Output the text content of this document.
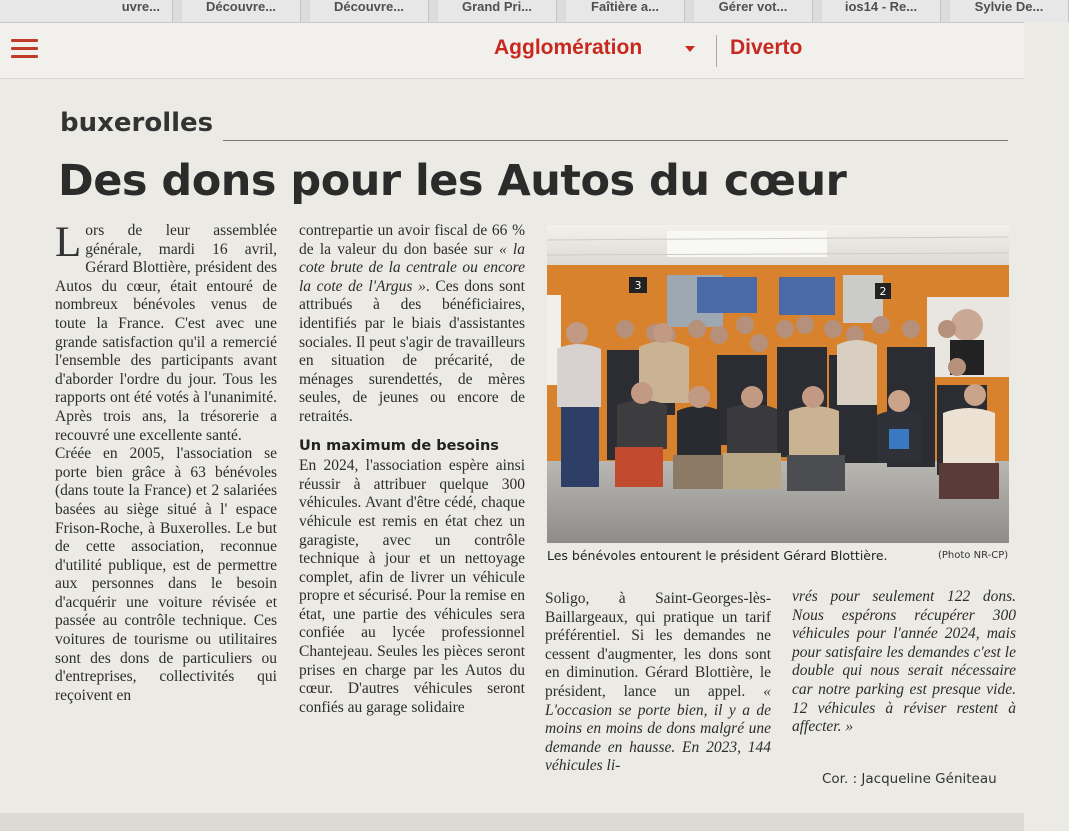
uvre...	Découvre...	Découvre...	Grand Pri...	Faîtière a...	Gérer vot...	ios14 - Re...	Sylvie De...
Agglomération	Diverto
buxerolles
Des dons pour les Autos du cœur

Lors de leur assemblée générale, mardi 16 avril, Gérard Blottière, président des Autos du cœur, était entouré de nombreux bénévoles venus de toute la France. C'est avec une grande satisfaction qu'il a remercié l'ensemble des participants avant d'aborder l'ordre du jour. Tous les rapports ont été votés à l'unanimité. Après trois ans, la trésorerie a recouvré une excellente santé.

Créée en 2005, l'association se porte bien grâce à 63 bénévoles (dans toute la France) et 2 salariées basées au siège situé à l' espace Frison-Roche, à Buxerolles. Le but de cette association, reconnue d'utilité publique, est de permettre aux personnes dans le besoin d'acquérir une voiture révisée et passée au contrôle technique. Ces voitures de tourisme ou utilitaires sont des dons de particuliers ou d'entreprises, collectivités qui reçoivent en

contrepartie un avoir fiscal de 66 % de la valeur du don basée sur « la cote brute de la centrale ou encore la cote de l'Argus ». Ces dons sont attribués à des bénéficiaires, identifiés par le biais d'assistantes sociales. Il peut s'agir de travailleurs en situation de précarité, de ménages surendettés, de mères seules, de jeunes ou encore de retraités.

Un maximum de besoins

En 2024, l'association espère ainsi réussir à attribuer quelque 300 véhicules. Avant d'être cédé, chaque véhicule est remis en état chez un garagiste, avec un contrôle technique à jour et un nettoyage complet, afin de livrer un véhicule propre et sécurisé. Pour la remise en état, une partie des véhicules sera confiée au lycée professionnel Chantejeau. Seules les pièces seront prises en charge par les Autos du cœur. D'autres véhicules seront confiés au garage solidaire

3	2
Les bénévoles entourent le président Gérard Blottière.	(Photo NR-CP)

Soligo, à Saint-Georges-lès-Baillargeaux, qui pratique un tarif préférentiel. Si les demandes ne cessent d'augmenter, les dons sont en diminution. Gérard Blottière, le président, lance un appel. « L'occasion se porte bien, il y a de moins en moins de dons malgré une demande en hausse. En 2023, 144 véhicules li-

vrés pour seulement 122 dons. Nous espérons récupérer 300 véhicules pour l'année 2024, mais pour satisfaire les demandes c'est le double qui nous serait nécessaire car notre parking est presque vide. 12 véhicules à réviser restent à affecter. »

Cor. : Jacqueline Géniteau
